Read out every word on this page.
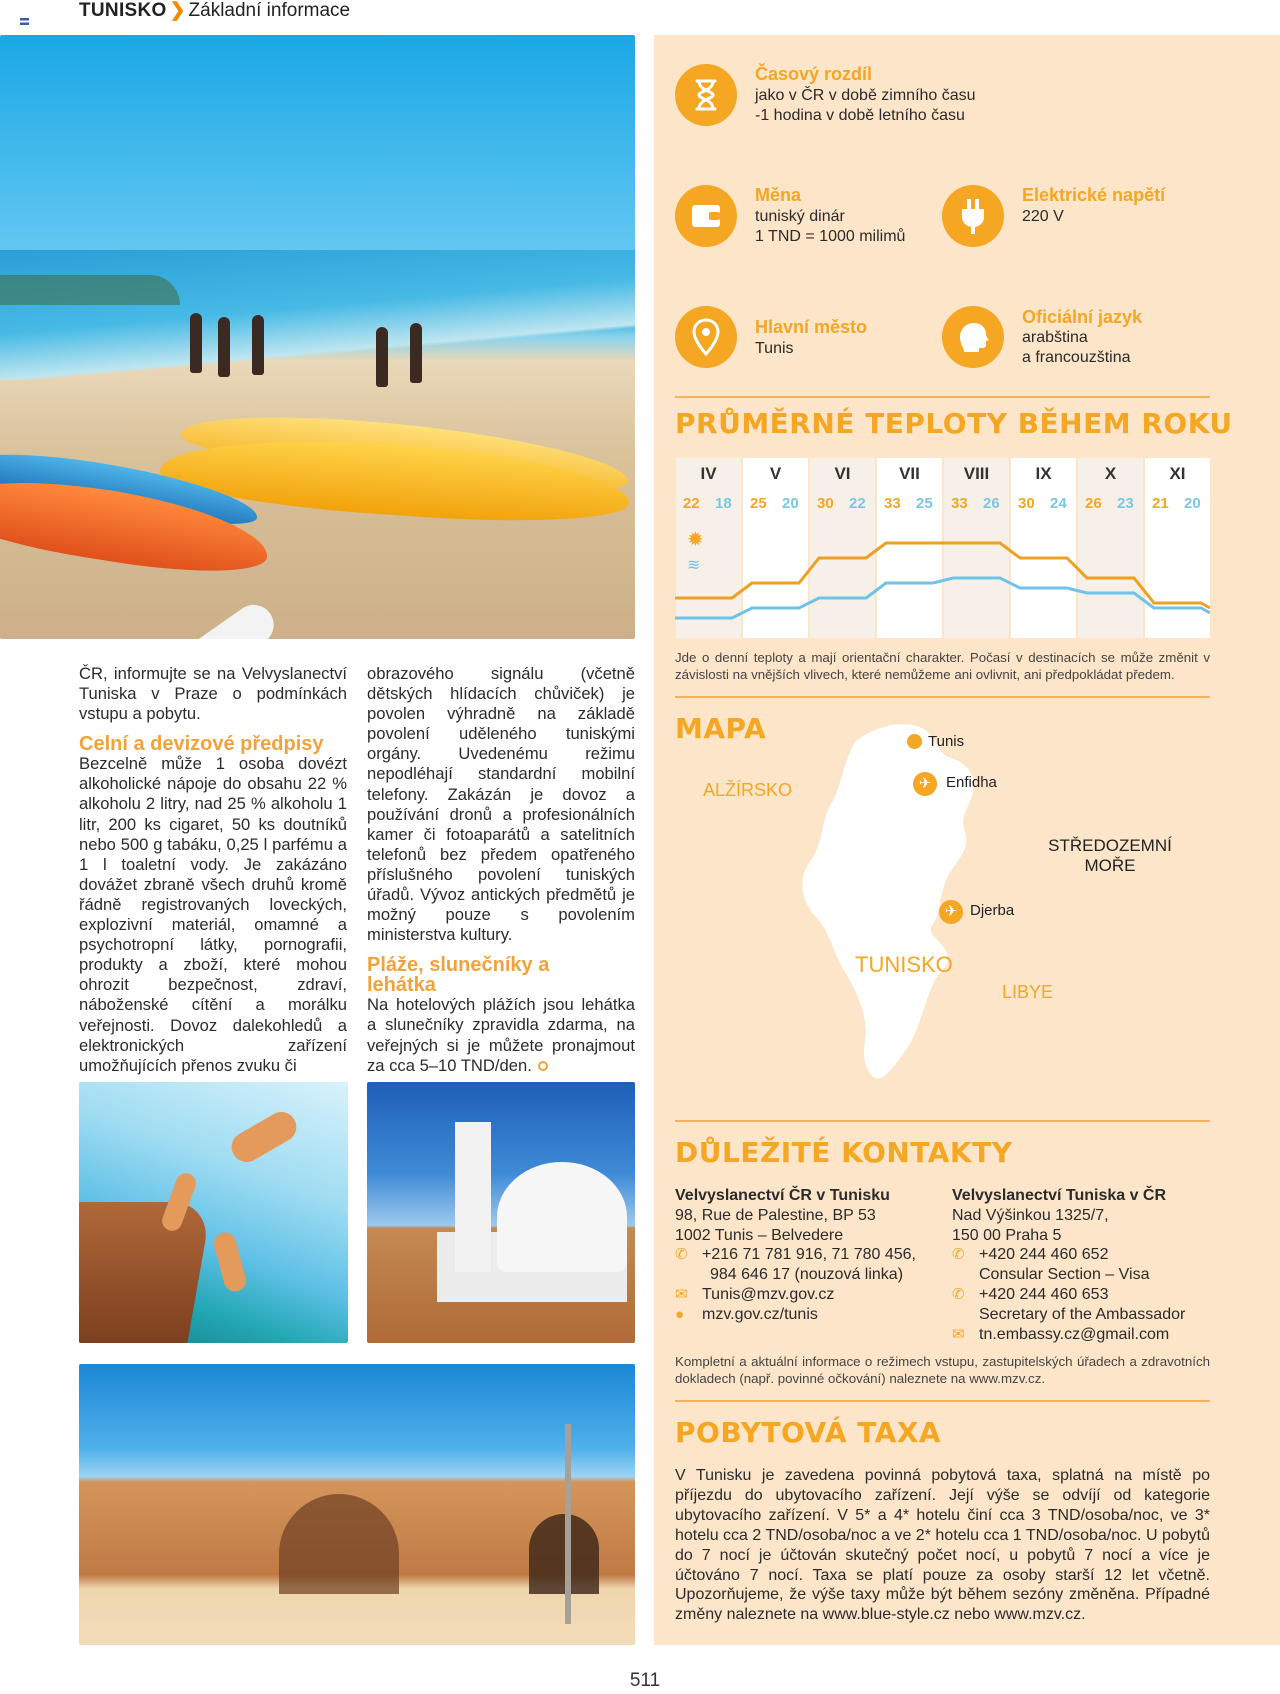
TUNISKO ❯ Základní informace

ČR, informujte se na Velvyslanectví Tuniska v Praze o podmínkách vstupu a pobytu.

Celní a devizové předpisy

Bezcelně může 1 osoba dovézt alkoholické nápoje do obsahu 22 % alkoholu 2 litry, nad 25 % alkoholu 1 litr, 200 ks cigaret, 50 ks doutníků nebo 500 g tabáku, 0,25 l parfému a 1 l toaletní vody. Je zakázáno dovážet zbraně všech druhů kromě řádně registrovaných loveckých, explozivní materiál, omamné a psychotropní látky, pornografii, produkty a zboží, které mohou ohrozit bezpečnost, zdraví, náboženské cítění a morálku veřejnosti. Dovoz dalekohledů a elektronických zařízení umožňujících přenos zvuku či

obrazového signálu (včetně dětských hlídacích chůviček) je povolen výhradně na základě povolení uděleného tuniskými orgány. Uvedenému režimu nepodléhají standardní mobilní telefony. Zakázán je dovoz a používání dronů a profesionálních kamer či fotoaparátů a satelitních telefonů bez předem opatřeného příslušného povolení tuniských úřadů. Vývoz antických předmětů je možný pouze s povolením ministerstva kultury.

Pláže, slunečníky a lehátka

Na hotelových plážích jsou lehátka a slunečníky zpravidla zdarma, na veřejných si je můžete pronajmout za cca 5–10 TND/den.

Časový rozdíl
jako v ČR v době zimního času
-1 hodina v době letního času
Měna
tuniský dinár
1 TND = 1000 milimů
Elektrické napětí
220 V
Hlavní město
Tunis
Oficiální jazyk
arabština
a francouzština
PRŮMĚRNÉ TEPLOTY BĚHEM ROKU
✹
≋
IV
22 18
V
25 20
VI
30 22
VII
33 25
VIII
33 26
IX
30 24
X
26 23
XI
21 20
Jde o denní teploty a mají orientační charakter. Počasí v destinacích se může změnit v závislosti na vnějších vlivech, které nemůžeme ani ovlivnit, ani předpokládat předem.
MAPA
ALŽÍRSKO
TUNISKO
LIBYE
STŘEDOZEMNÍ
MOŘE
Tunis
✈ Enfidha
✈ Djerba
DŮLEŽITÉ KONTAKTY
Velvyslanectví ČR v Tunisku
98, Rue de Palestine, BP 53
1002 Tunis – Belvedere
✆ +216 71 781 916, 71 780 456,
984 646 17 (nouzová linka)
✉ Tunis@mzv.gov.cz
●	mzv.gov.cz/tunis
Velvyslanectví Tuniska v ČR
Nad Výšinkou 1325/7,
150 00 Praha 5
✆ +420 244 460 652
Consular Section – Visa
✆ +420 244 460 653
Secretary of the Ambassador
✉ tn.embassy.cz@gmail.com
Kompletní a aktuální informace o režimech vstupu, zastupitelských úřadech a zdravotních dokladech (např. povinné očkování) naleznete na www.mzv.cz.
POBYTOVÁ TAXA
V Tunisku je zavedena povinná pobytová taxa, splatná na místě po příjezdu do ubytovacího zařízení. Její výše se odvíjí od kategorie ubytovacího zařízení. V 5* a 4* hotelu činí cca 3 TND/osoba/noc, ve 3* hotelu cca 2 TND/osoba/noc a ve 2* hotelu cca 1 TND/osoba/noc. U pobytů do 7 nocí je účtován skutečný počet nocí, u pobytů 7 nocí a více je účtováno 7 nocí. Taxa se platí pouze za osoby starší 12 let včetně. Upozorňujeme, že výše taxy může být během sezóny změněna. Případné změny naleznete na www.blue-style.cz nebo www.mzv.cz.
511
